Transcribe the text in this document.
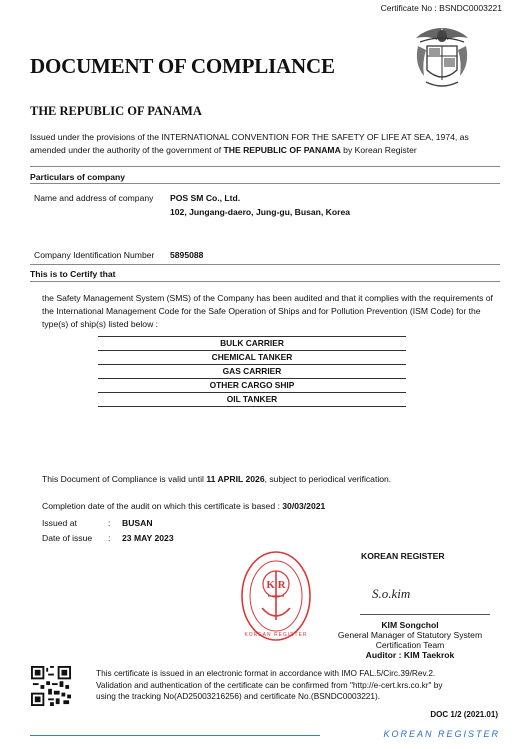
Certificate No : BSNDC0003221
DOCUMENT OF COMPLIANCE
THE REPUBLIC OF PANAMA
Issued under the provisions of the INTERNATIONAL CONVENTION FOR THE SAFETY OF LIFE AT SEA, 1974, as amended under the authority of the government of THE REPUBLIC OF PANAMA by Korean Register
Particulars of company
Name and address of company POS SM Co., Ltd.
102, Jungang-daero, Jung-gu, Busan, Korea
Company Identification Number 5895088
This is to Certify that
the Safety Management System (SMS) of the Company has been audited and that it complies with the requirements of the International Management Code for the Safe Operation of Ships and for Pollution Prevention (ISM Code) for the type(s) of ship(s) listed below :
BULK CARRIER
CHEMICAL TANKER
GAS CARRIER
OTHER CARGO SHIP
OIL TANKER
This Document of Compliance is valid until 11 APRIL 2026, subject to periodical verification.
Completion date of the audit on which this certificate is based : 30/03/2021
Issued at	: BUSAN
Date of issue : 23 MAY 2023
KOREAN REGISTER
K R
KOREAN REGISTER
S.o.kim
KIM Songchol
General Manager of Statutory System
Certification Team
Auditor : KIM Taekrok
This certificate is issued in an electronic format in accordance with IMO FAL.5/Circ.39/Rev.2. Validation and authentication of the certificate can be confirmed from "http://e-cert.krs.co.kr" by using the tracking No(AD25003216256) and certificate No.(BSNDC0003221).
DOC 1/2 (2021.01)
KOREAN REGISTER
